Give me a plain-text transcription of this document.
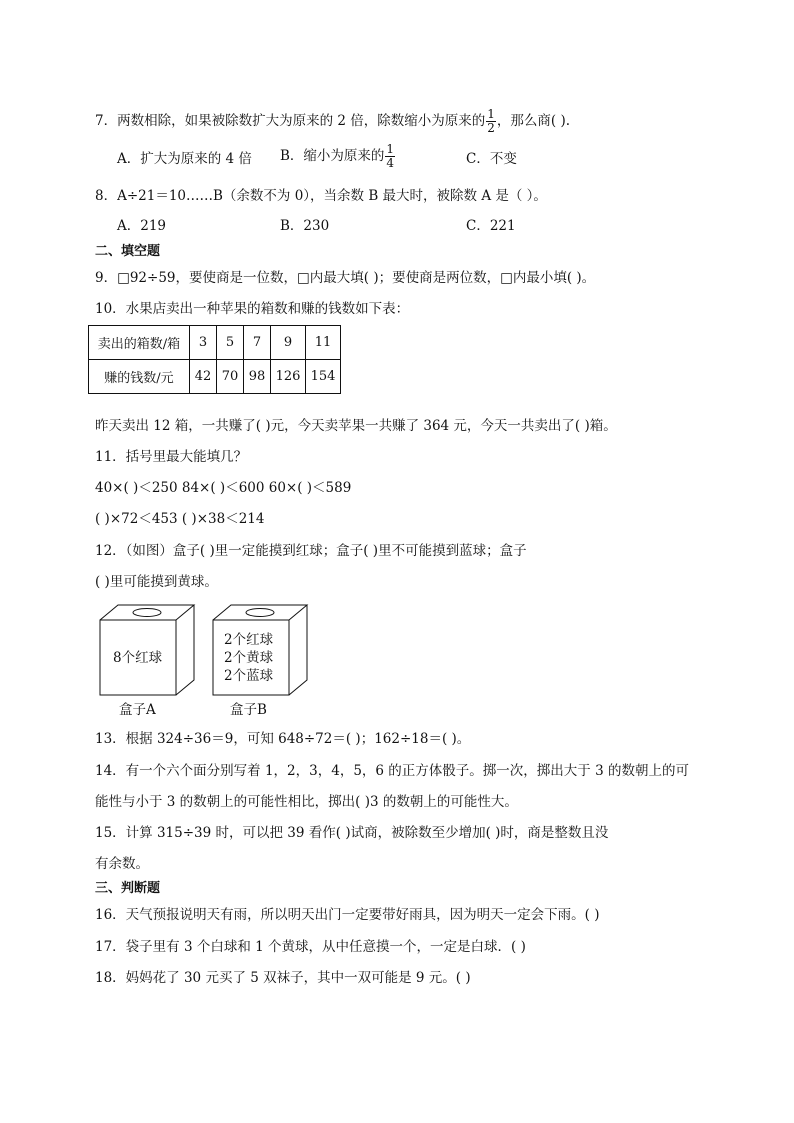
7．两数相除，如果被除数扩大为原来的 2 倍，除数缩小为原来的 $\frac{1}{2}$ ，那么商( ).
A．扩大为原来的 4 倍 B．缩小为原来的 $\frac{1}{4}$	C．不变
8．A÷21＝10……B（余数不为 0），当余数 B 最大时，被除数 A 是（ ）。
A．219	B．230	C．221
二、填空题
9．□92÷59，要使商是一位数，□内最大填( )；要使商是两位数，□内最小填( )。
10．水果店卖出一种苹果的箱数和赚的钱数如下表：
卖出的箱数/箱	3	5	7	9	11
赚的钱数/元	42	70	98	126	154
昨天卖出 12 箱，一共赚了( )元，今天卖苹果一共赚了 364 元，今天一共卖出了( )箱。
11．括号里最大能填几？
40×( )＜250 84×( )＜600 60×( )＜589
( )×72＜453 ( )×38＜214
12．（如图）盒子( )里一定能摸到红球；盒子( )里不可能摸到蓝球；盒子
( )里可能摸到黄球。
8个红球
2个红球
2个黄球
2个蓝球
盒子A	盒子B
13．根据 324÷36＝9，可知 648÷72＝( )；162÷18＝( )。
14．有一个六个面分别写着 1，2，3，4，5，6 的正方体骰子。掷一次，掷出大于 3 的数朝上的可
能性与小于 3 的数朝上的可能性相比，掷出( )3 的数朝上的可能性大。
15．计算 315÷39 时，可以把 39 看作( )试商，被除数至少增加( )时，商是整数且没
有余数。
三、判断题
16．天气预报说明天有雨，所以明天出门一定要带好雨具，因为明天一定会下雨。( )
17．袋子里有 3 个白球和 1 个黄球，从中任意摸一个，一定是白球．( )
18．妈妈花了 30 元买了 5 双袜子，其中一双可能是 9 元。( )
